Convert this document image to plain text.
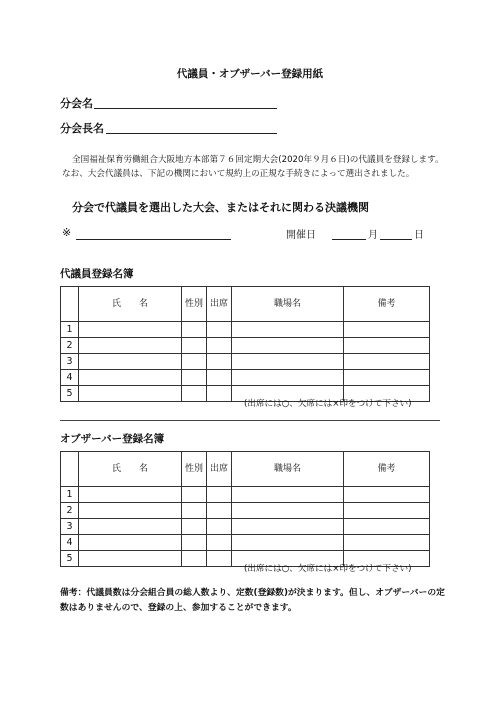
代議員・オブザーバー登録用紙
分会名
分会長名
全国福祉保育労働組合大阪地方本部第７６回定期大会(2020年９月６日)の代議員を登録します。なお、大会代議員は、下記の機関において規約上の正規な手続きによって選出されました。
分会で代議員を選出した大会、またはそれに関わる決議機関
※	開催日	月	日
代議員登録名簿
	氏　　名	性別	出席	職場名	備考
1					
2					
3					
4					
5					
(出席には○、欠席には×印をつけて下さい)
オブザーバー登録名簿
	氏　　名	性別	出席	職場名	備考
1					
2					
3					
4					
5					
(出席には○、欠席には×印をつけて下さい)
備考：代議員数は分会組合員の総人数より、定数(登録数)が決まります。但し、オブザーバーの定数はありませんので、登録の上、参加することができます。
